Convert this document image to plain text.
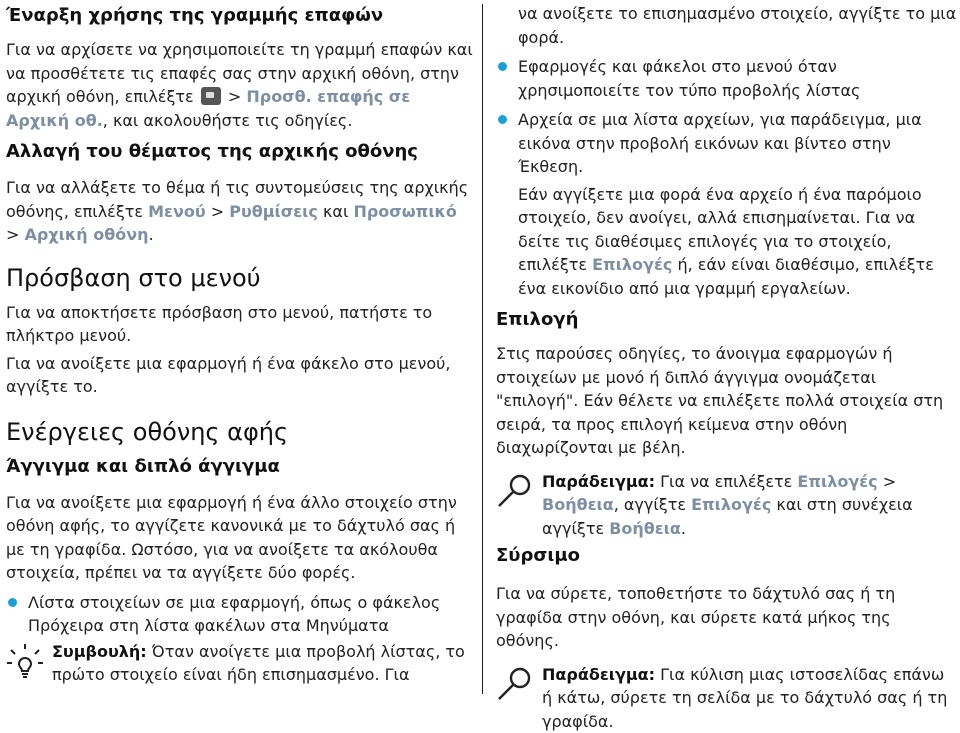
Έναρξη χρήσης της γραμμής επαφών
Για να αρχίσετε να χρησιμοποιείτε τη γραμμή επαφών και να προσθέτετε τις επαφές σας στην αρχική οθόνη, στην αρχική οθόνη, επιλέξτε > Προσθ. επαφής σε Αρχική οθ., και ακολουθήστε τις οδηγίες.
Αλλαγή του θέματος της αρχικής οθόνης
Για να αλλάξετε το θέμα ή τις συντομεύσεις της αρχικής οθόνης, επιλέξτε Μενού > Ρυθμίσεις και Προσωπικό > Αρχική οθόνη.
Πρόσβαση στο μενού
Για να αποκτήσετε πρόσβαση στο μενού, πατήστε το πλήκτρο μενού.
Για να ανοίξετε μια εφαρμογή ή ένα φάκελο στο μενού, αγγίξτε το.
Ενέργειες οθόνης αφής
Άγγιγμα και διπλό άγγιγμα
Για να ανοίξετε μια εφαρμογή ή ένα άλλο στοιχείο στην οθόνη αφής, το αγγίζετε κανονικά με το δάχτυλό σας ή με τη γραφίδα. Ωστόσο, για να ανοίξετε τα ακόλουθα στοιχεία, πρέπει να τα αγγίξετε δύο φορές.
Λίστα στοιχείων σε μια εφαρμογή, όπως ο φάκελος Πρόχειρα στη λίστα φακέλων στα Μηνύματα
Συμβουλή: Όταν ανοίγετε μια προβολή λίστας, το πρώτο στοιχείο είναι ήδη επισημασμένο. Για
να ανοίξετε το επισημασμένο στοιχείο, αγγίξτε το μια φορά.
Εφαρμογές και φάκελοι στο μενού όταν χρησιμοποιείτε τον τύπο προβολής λίστας
Αρχεία σε μια λίστα αρχείων, για παράδειγμα, μια εικόνα στην προβολή εικόνων και βίντεο στην Έκθεση.
Εάν αγγίξετε μια φορά ένα αρχείο ή ένα παρόμοιο στοιχείο, δεν ανοίγει, αλλά επισημαίνεται. Για να δείτε τις διαθέσιμες επιλογές για το στοιχείο, επιλέξτε Επιλογές ή, εάν είναι διαθέσιμο, επιλέξτε ένα εικονίδιο από μια γραμμή εργαλείων.
Επιλογή
Στις παρούσες οδηγίες, το άνοιγμα εφαρμογών ή στοιχείων με μονό ή διπλό άγγιγμα ονομάζεται "επιλογή". Εάν θέλετε να επιλέξετε πολλά στοιχεία στη σειρά, τα προς επιλογή κείμενα στην οθόνη διαχωρίζονται με βέλη.
Παράδειγμα: Για να επιλέξετε Επιλογές > Βοήθεια, αγγίξτε Επιλογές και στη συνέχεια αγγίξτε Βοήθεια.
Σύρσιμο
Για να σύρετε, τοποθετήστε το δάχτυλό σας ή τη γραφίδα στην οθόνη, και σύρετε κατά μήκος της οθόνης.
Παράδειγμα: Για κύλιση μιας ιστοσελίδας επάνω ή κάτω, σύρετε τη σελίδα με το δάχτυλό σας ή τη γραφίδα.
